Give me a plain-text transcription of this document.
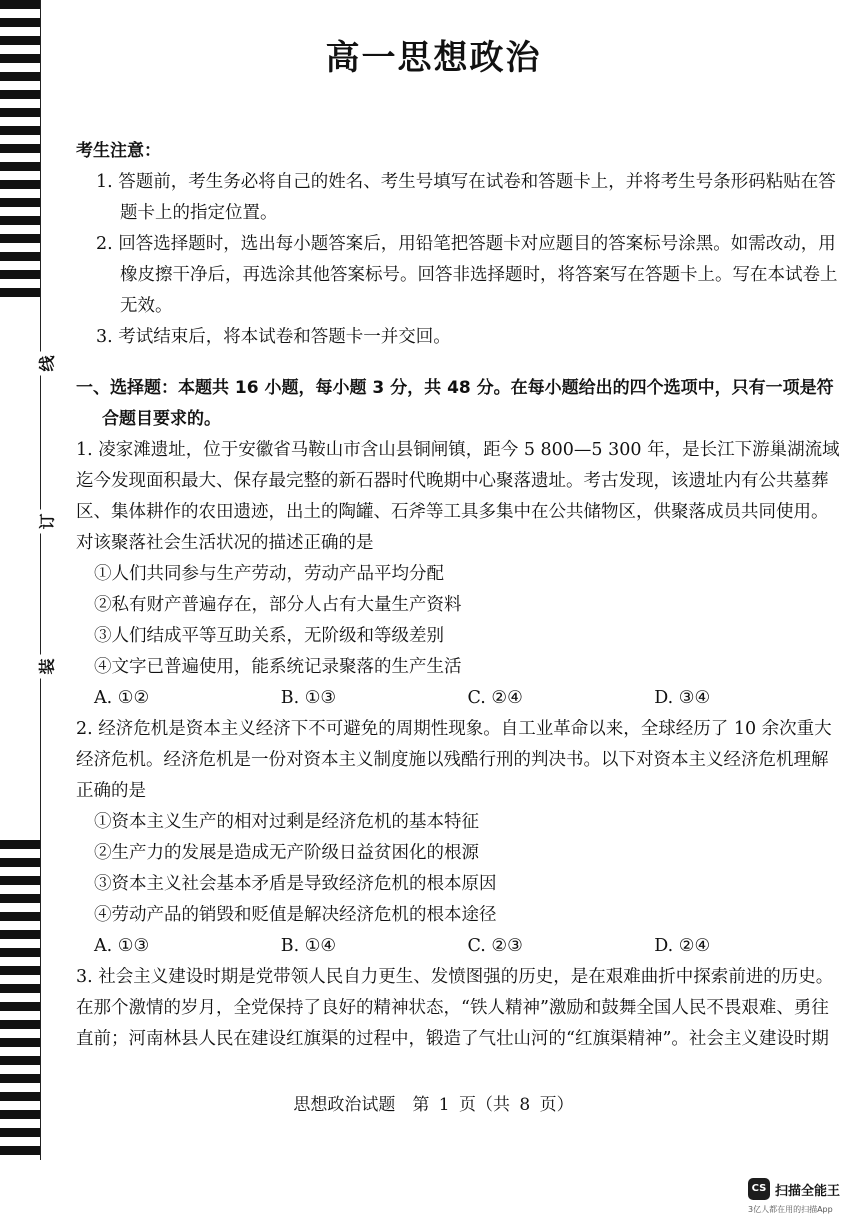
线
订
装
高一思想政治
考生注意：
1. 答题前，考生务必将自己的姓名、考生号填写在试卷和答题卡上，并将考生号条形码粘贴在答题卡上的指定位置。
2. 回答选择题时，选出每小题答案后，用铅笔把答题卡对应题目的答案标号涂黑。如需改动，用橡皮擦干净后，再选涂其他答案标号。回答非选择题时，将答案写在答题卡上。写在本试卷上无效。
3. 考试结束后，将本试卷和答题卡一并交回。
一、选择题：本题共 16 小题，每小题 3 分，共 48 分。在每小题给出的四个选项中，只有一项是符合题目要求的。
1. 凌家滩遗址，位于安徽省马鞍山市含山县铜闸镇，距今 5 800—5 300 年，是长江下游巢湖流域迄今发现面积最大、保存最完整的新石器时代晚期中心聚落遗址。考古发现，该遗址内有公共墓葬区、集体耕作的农田遗迹，出土的陶罐、石斧等工具多集中在公共储物区，供聚落成员共同使用。对该聚落社会生活状况的描述正确的是
①人们共同参与生产劳动，劳动产品平均分配
②私有财产普遍存在，部分人占有大量生产资料
③人们结成平等互助关系，无阶级和等级差别
④文字已普遍使用，能系统记录聚落的生产生活
A. ①②	B. ①③	C. ②④	D. ③④
2. 经济危机是资本主义经济下不可避免的周期性现象。自工业革命以来，全球经历了 10 余次重大经济危机。经济危机是一份对资本主义制度施以残酷行刑的判决书。以下对资本主义经济危机理解正确的是
①资本主义生产的相对过剩是经济危机的基本特征
②生产力的发展是造成无产阶级日益贫困化的根源
③资本主义社会基本矛盾是导致经济危机的根本原因
④劳动产品的销毁和贬值是解决经济危机的根本途径
A. ①③	B. ①④	C. ②③	D. ②④
3. 社会主义建设时期是党带领人民自力更生、发愤图强的历史，是在艰难曲折中探索前进的历史。在那个激情的岁月，全党保持了良好的精神状态，“铁人精神”激励和鼓舞全国人民不畏艰难、勇往直前；河南林县人民在建设红旗渠的过程中，锻造了气壮山河的“红旗渠精神”。社会主义建设时期
思想政治试题　第 1 页（共 8 页）
CS 扫描全能王
3亿人都在用的扫描App
